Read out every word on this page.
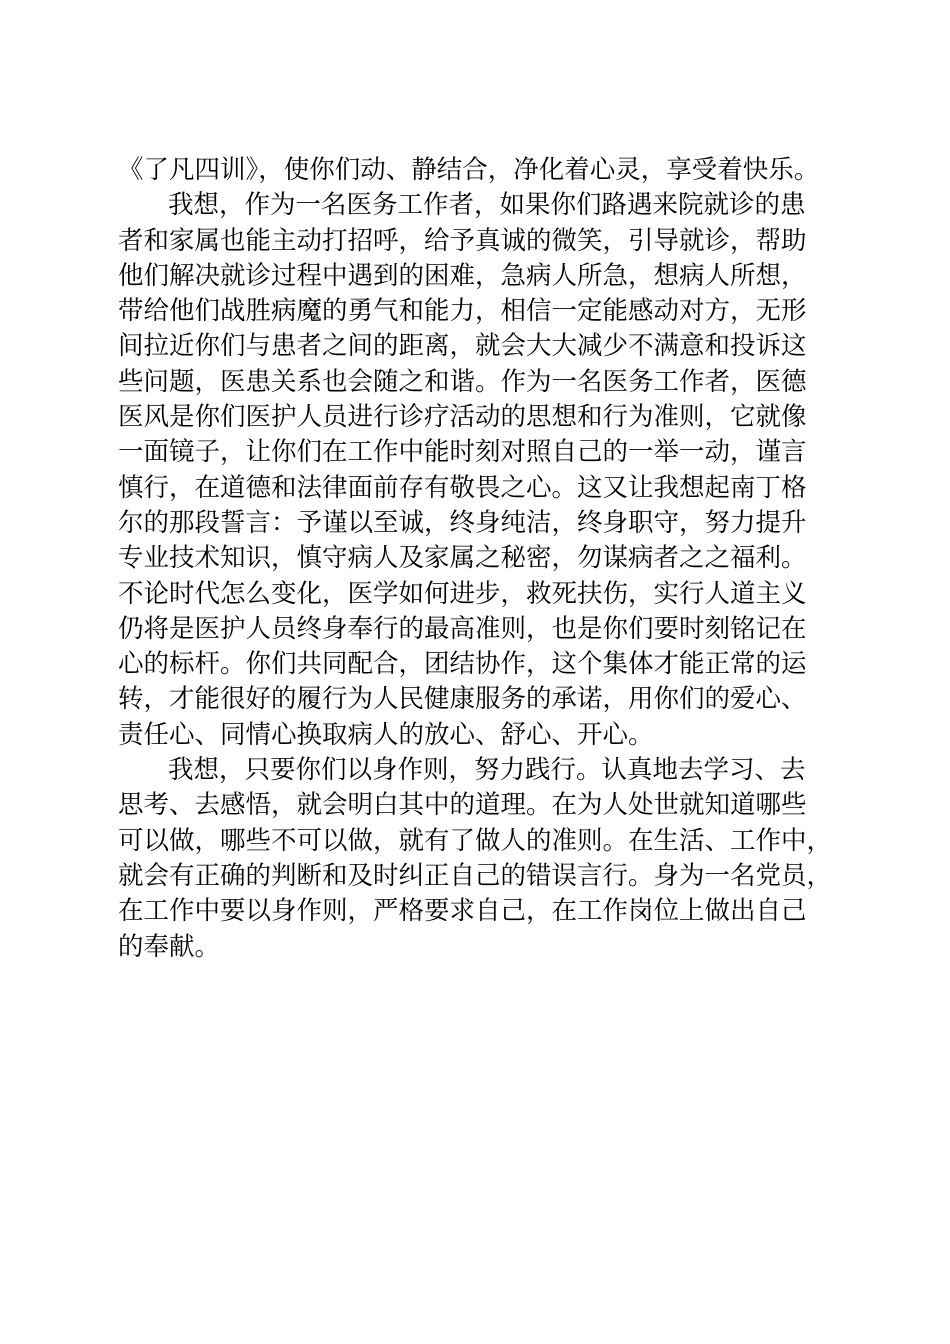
《了凡四训》，使你们动、静结合，净化着心灵，享受着快乐。
我想，作为一名医务工作者，如果你们路遇来院就诊的患
者和家属也能主动打招呼，给予真诚的微笑，引导就诊，帮助
他们解决就诊过程中遇到的困难，急病人所急，想病人所想，
带给他们战胜病魔的勇气和能力，相信一定能感动对方，无形
间拉近你们与患者之间的距离，就会大大减少不满意和投诉这
些问题，医患关系也会随之和谐。作为一名医务工作者，医德
医风是你们医护人员进行诊疗活动的思想和行为准则，它就像
一面镜子，让你们在工作中能时刻对照自己的一举一动，谨言
慎行，在道德和法律面前存有敬畏之心。这又让我想起南丁格
尔的那段誓言：予谨以至诚，终身纯洁，终身职守，努力提升
专业技术知识，慎守病人及家属之秘密，勿谋病者之之福利。
不论时代怎么变化，医学如何进步，救死扶伤，实行人道主义
仍将是医护人员终身奉行的最高准则，也是你们要时刻铭记在
心的标杆。你们共同配合，团结协作，这个集体才能正常的运
转，才能很好的履行为人民健康服务的承诺，用你们的爱心、
责任心、同情心换取病人的放心、舒心、开心。
我想，只要你们以身作则，努力践行。认真地去学习、去
思考、去感悟，就会明白其中的道理。在为人处世就知道哪些
可以做，哪些不可以做，就有了做人的准则。在生活、工作中，
就会有正确的判断和及时纠正自己的错误言行。身为一名党员，
在工作中要以身作则，严格要求自己，在工作岗位上做出自己
的奉献。
